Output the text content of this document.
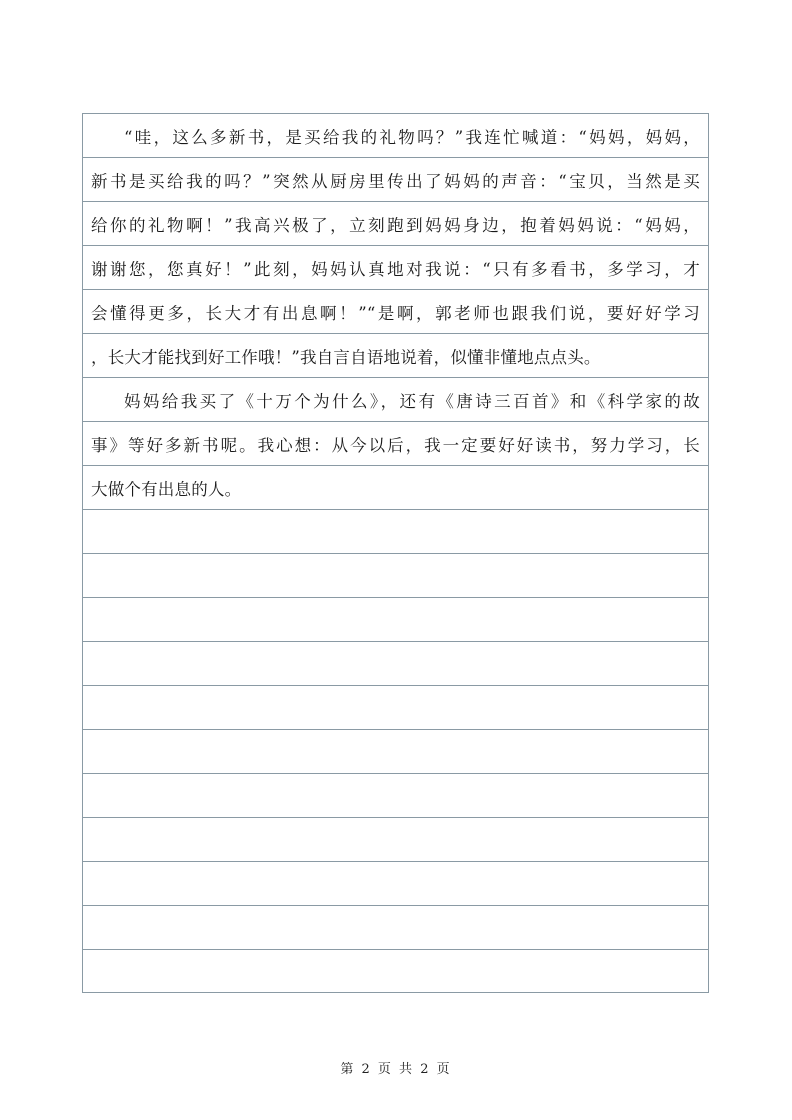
“哇，这么多新书，是买给我的礼物吗？”我连忙喊道：“妈妈，妈妈，
新书是买给我的吗？”突然从厨房里传出了妈妈的声音：“宝贝，当然是买
给你的礼物啊！”我高兴极了，立刻跑到妈妈身边，抱着妈妈说：“妈妈，
谢谢您，您真好！”此刻，妈妈认真地对我说：“只有多看书，多学习，才
会懂得更多，长大才有出息啊！”“是啊，郭老师也跟我们说，要好好学习
，长大才能找到好工作哦！”我自言自语地说着，似懂非懂地点点头。
妈妈给我买了《十万个为什么》，还有《唐诗三百首》和《科学家的故
事》等好多新书呢。我心想：从今以后，我一定要好好读书，努力学习，长
大做个有出息的人。
第 2 页 共 2 页
